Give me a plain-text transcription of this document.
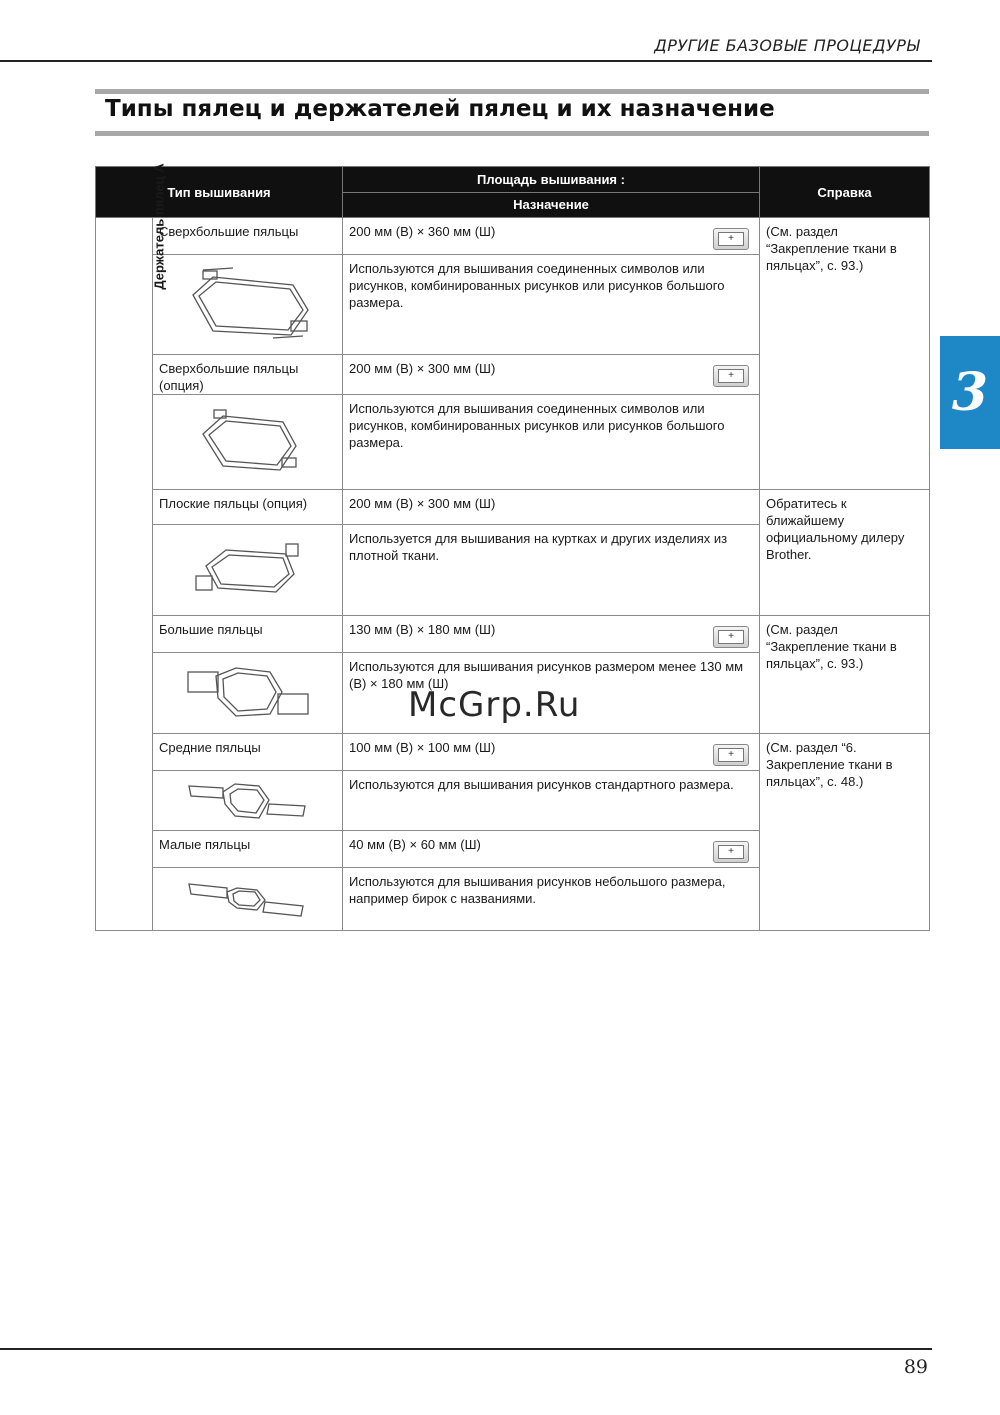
ДРУГИЕ БАЗОВЫЕ ПРОЦЕДУРЫ
Типы пялец и держателей пялец и их назначение
3
Тип вышивания		Площадь вышивания :	Справка
		Назначение	
Держатель пялец А	Сверхбольшие пяльцы	200 мм (В) × 360 мм (Ш) +	(См. раздел “Закрепление ткани в пяльцах”, с. 93.)

Используются для вышивания соединенных символов или рисунков, комбинированных рисунков или рисунков большого размера.	

	Сверхбольшие пяльцы (опция)	200 мм (В) × 300 мм (Ш) +	

Используются для вышивания соединенных символов или рисунков, комбинированных рисунков или рисунков большого размера.	

	Плоские пяльцы (опция)	200 мм (В) × 300 мм (Ш)	Обратитесь к ближайшему официальному дилеру Brother.

Используется для вышивания на куртках и других изделиях из плотной ткани.	

	Большие пяльцы	130 мм (В) × 180 мм (Ш) +	(См. раздел “Закрепление ткани в пяльцах”, с. 93.)

Используются для вышивания рисунков размером менее 130 мм (В) × 180 мм (Ш)	

	Средние пяльцы	100 мм (В) × 100 мм (Ш) +	(См. раздел “6. Закрепление ткани в пяльцах”, с. 48.)

Используются для вышивания рисунков стандартного размера.	

	Малые пяльцы	40 мм (В) × 60 мм (Ш) +	

Используются для вышивания рисунков небольшого размера, например бирок с названиями.	
McGrp.Ru
89
